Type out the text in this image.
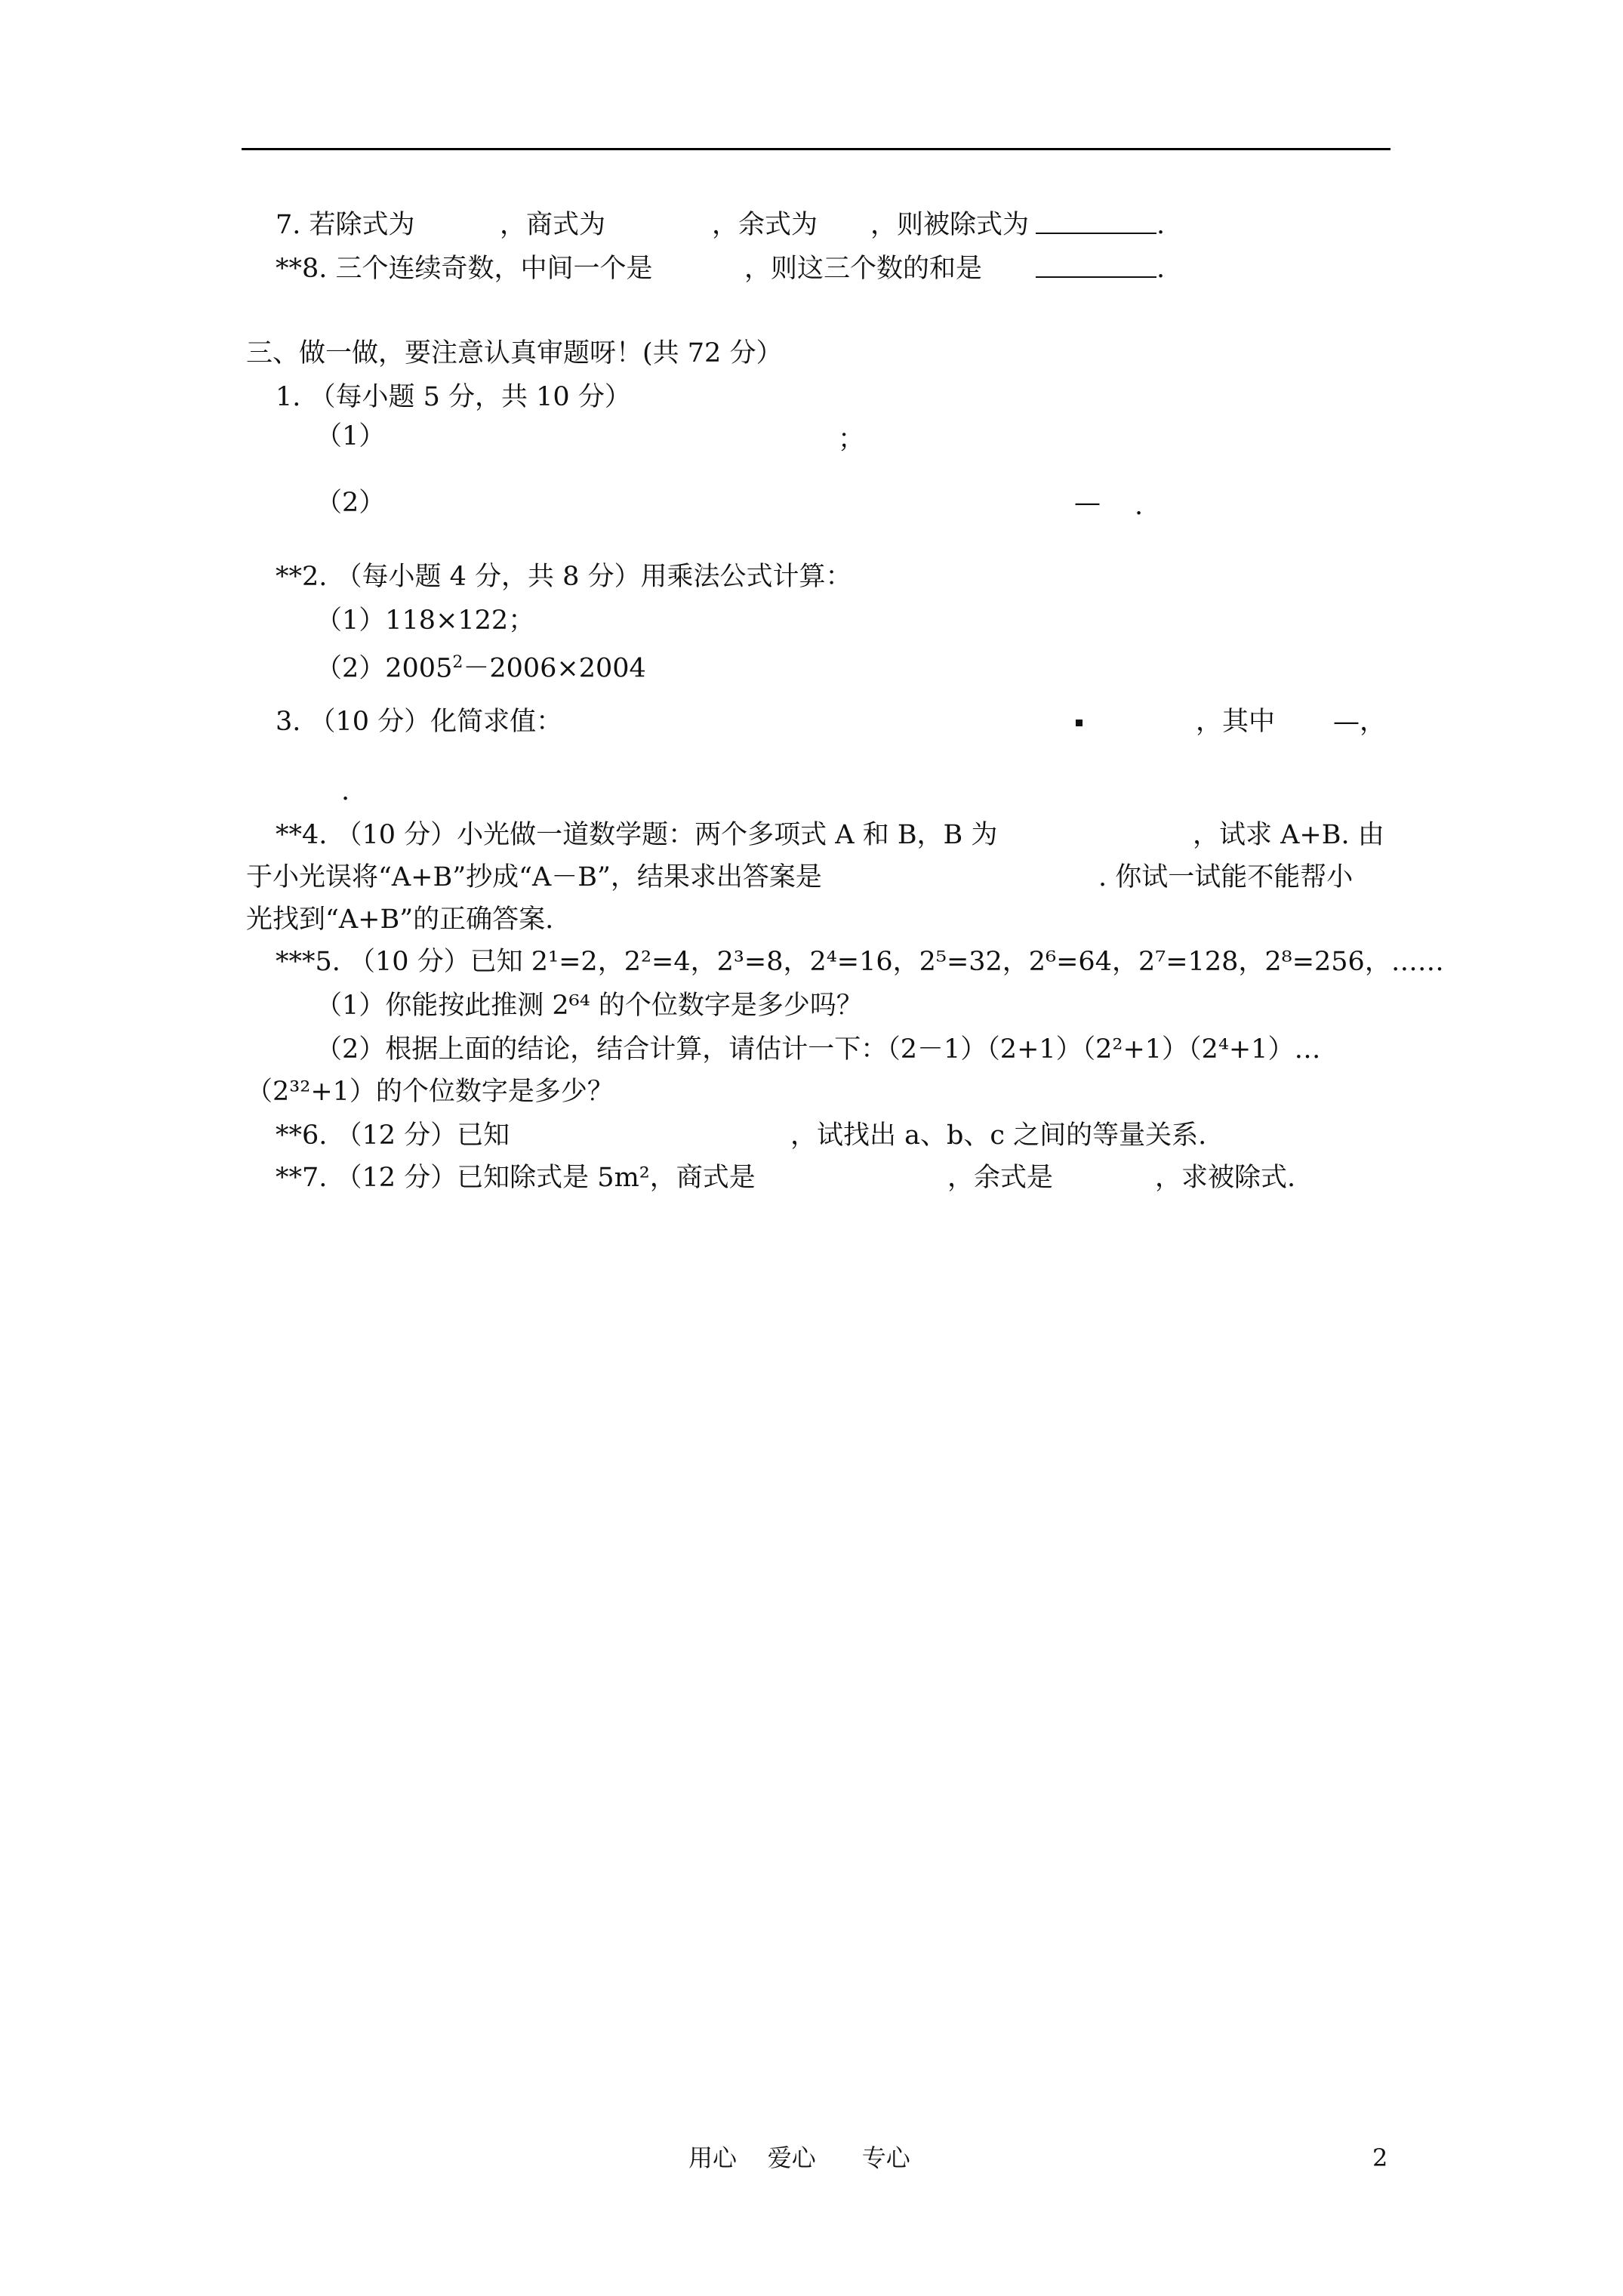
7. 若除式为	，商式为	，余式为 ，则被除式为	.
**8. 三个连续奇数，中间一个是	，则这三个数的和是	.
三、做一做，要注意认真审题呀！(共 72 分）
1. （每小题 5 分，共 10 分）
（1）	；
（2）	— .
**2. （每小题 4 分，共 8 分）用乘法公式计算：
（1）118×122；
$(2)2005^2-2006\times 2004$
3. （10 分）化简求值：	，其中 —，
.
**4. （10 分）小光做一道数学题：两个多项式 A 和 B，B 为	，试求 A+B. 由
于小光误将“A+B”抄成“A－B”，结果求出答案是	. 你试一试能不能帮小
光找到“A+B”的正确答案.
***5. （10 分）已知 2¹=2，2²=4，2³=8，2⁴=16，2⁵=32，2⁶=64，2⁷=128，2⁸=256，……
（1）你能按此推测 2⁶⁴ 的个位数字是多少吗？
（2）根据上面的结论，结合计算，请估计一下：（2－1）（2+1）（2²+1）（2⁴+1）…
（2³²+1）的个位数字是多少？
**6. （12 分）已知	，试找出 a、b、c 之间的等量关系.
**7. （12 分）已知除式是 5m²，商式是	，余式是	，求被除式.
用心    爱心      专心	2
